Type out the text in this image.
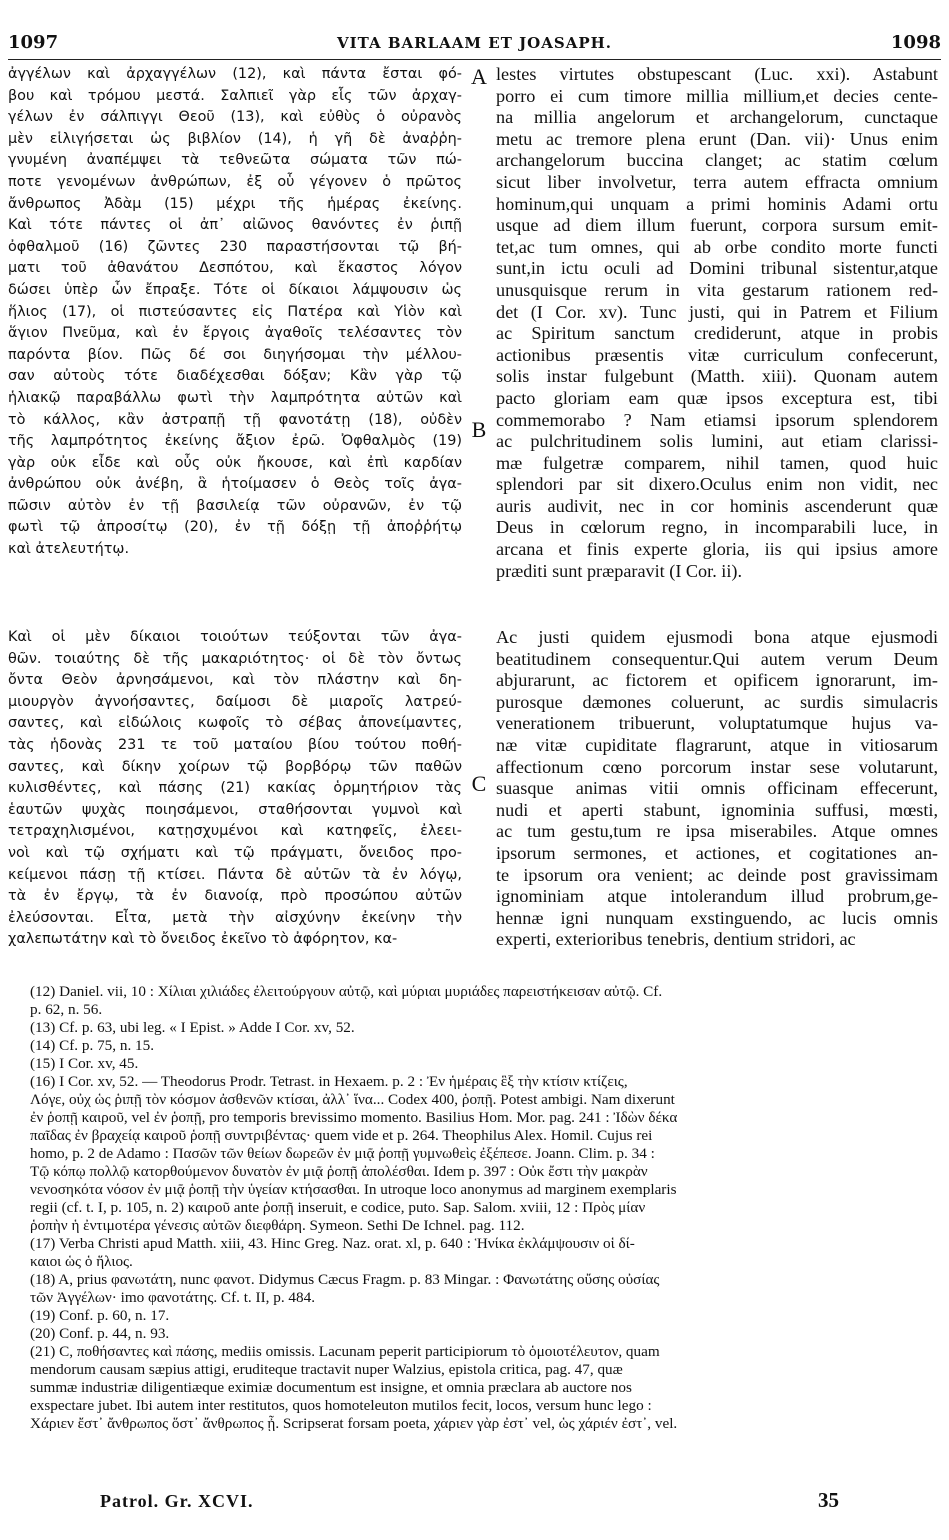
1097	VITA BARLAAM ET JOASAPH.	1098
ἀγγέλων καὶ ἀρχαγγέλων (12), καὶ πάντα ἔσται φό-
βου καὶ τρόμου μεστά. Σαλπιεῖ γὰρ εἷς τῶν ἀρχαγ-
γέλων ἐν σάλπιγγι Θεοῦ (13), καὶ εὐθὺς ὁ οὐρανὸς
μὲν εἱλιγήσεται ὡς βιβλίον (14), ἡ γῆ δὲ ἀναῤῥη-
γνυμένη ἀναπέμψει τὰ τεθνεῶτα σώματα τῶν πώ-
ποτε γενομένων ἀνθρώπων, ἐξ οὗ γέγονεν ὁ πρῶτος
ἄνθρωπος Ἀδὰμ (15) μέχρι τῆς ἡμέρας ἐκείνης.
Καὶ τότε πάντες οἱ ἀπ᾽ αἰῶνος θανόντες ἐν ῥιπῇ
ὀφθαλμοῦ (16) ζῶντες 230 παραστήσονται τῷ βή-
ματι τοῦ ἀθανάτου Δεσπότου, καὶ ἕκαστος λόγον
δώσει ὑπὲρ ὧν ἔπραξε. Τότε οἱ δίκαιοι λάμψουσιν ὡς
ἥλιος (17), οἱ πιστεύσαντες εἰς Πατέρα καὶ Υἱὸν καὶ
ἅγιον Πνεῦμα, καὶ ἐν ἔργοις ἀγαθοῖς τελέσαντες τὸν
παρόντα βίον. Πῶς δέ σοι διηγήσομαι τὴν μέλλου-
σαν αὐτοὺς τότε διαδέχεσθαι δόξαν; Κἂν γὰρ τῷ
ἡλιακῷ παραβάλλω φωτὶ τὴν λαμπρότητα αὐτῶν καὶ
τὸ κάλλος, κἂν ἀστραπῇ τῇ φανοτάτῃ (18), οὐδὲν
τῆς λαμπρότητος ἐκείνης ἄξιον ἐρῶ. Ὀφθαλμὸς (19)
γὰρ οὐκ εἶδε καὶ οὖς οὐκ ἤκουσε, καὶ ἐπὶ καρδίαν
ἀνθρώπου οὐκ ἀνέβη, ἃ ἡτοίμασεν ὁ Θεὸς τοῖς ἀγα-
πῶσιν αὐτὸν ἐν τῇ βασιλείᾳ τῶν οὐρανῶν, ἐν τῷ
φωτὶ τῷ ἀπροσίτῳ (20), ἐν τῇ δόξῃ τῇ ἀποῤῥήτῳ
καὶ ἀτελευτήτῳ.
lestes virtutes obstupescant (Luc. xxi). Astabunt
porro ei cum timore millia millium,et decies cente-
na millia angelorum et archangelorum, cunctaque
metu ac tremore plena erunt (Dan. vii)· Unus enim
archangelorum buccina clanget; ac statim cœlum
sicut liber involvetur, terra autem effracta omnium
hominum,qui unquam a primi hominis Adami ortu
usque ad diem illum fuerunt, corpora sursum emit-
tet,ac tum omnes, qui ab orbe condito morte functi
sunt,in ictu oculi ad Domini tribunal sistentur,atque
unusquisque rerum in vita gestarum rationem red-
det (I Cor. xv). Tunc justi, qui in Patrem et Filium
ac Spiritum sanctum crediderunt, atque in probis
actionibus præsentis vitæ curriculum confecerunt,
solis instar fulgebunt (Matth. xiii). Quonam autem
pacto gloriam eam quæ ipsos exceptura est, tibi
commemorabo ? Nam etiamsi ipsorum splendorem
ac pulchritudinem solis lumini, aut etiam clarissi-
mæ fulgetræ comparem, nihil tamen, quod huic
splendori par sit dixero.Oculus enim non vidit, nec
auris audivit, nec in cor hominis ascenderunt quæ
Deus in cœlorum regno, in incomparabili luce, in
arcana et finis experte gloria, iis qui ipsius amore
præditi sunt præparavit (I Cor. ii).
Καὶ οἱ μὲν δίκαιοι τοιούτων τεύξονται τῶν ἀγα-
θῶν. τοιαύτης δὲ τῆς μακαριότητος· οἱ δὲ τὸν ὄντως
ὄντα Θεὸν ἀρνησάμενοι, καὶ τὸν πλάστην καὶ δη-
μιουργὸν ἀγνοήσαντες, δαίμοσι δὲ μιαροῖς λατρεύ-
σαντες, καὶ εἰδώλοις κωφοῖς τὸ σέβας ἀπονείμαντες,
τὰς ἡδονὰς 231 τε τοῦ ματαίου βίου τούτου ποθή-
σαντες, καὶ δίκην χοίρων τῷ βορβόρῳ τῶν παθῶν
κυλισθέντες, καὶ πάσης (21) κακίας ὁρμητήριον τὰς
ἑαυτῶν ψυχὰς ποιησάμενοι, σταθήσονται γυμνοὶ καὶ
τετραχηλισμένοι, κατῃσχυμένοι καὶ κατηφεῖς, ἐλεει-
νοὶ καὶ τῷ σχήματι καὶ τῷ πράγματι, ὄνειδος προ-
κείμενοι πάσῃ τῇ κτίσει. Πάντα δὲ αὐτῶν τὰ ἐν λόγῳ,
τὰ ἐν ἔργῳ, τὰ ἐν διανοίᾳ, πρὸ προσώπου αὐτῶν
ἐλεύσονται. Εἶτα, μετὰ τὴν αἰσχύνην ἐκείνην τὴν
χαλεπωτάτην καὶ τὸ ὄνειδος ἐκεῖνο τὸ ἀφόρητον, κα-
Ac justi quidem ejusmodi bona atque ejusmodi
beatitudinem consequentur.Qui autem verum Deum
abjurarunt, ac fictorem et opificem ignorarunt, im-
purosque dæmones coluerunt, ac surdis simulacris
venerationem tribuerunt, voluptatumque hujus va-
næ vitæ cupiditate flagrarunt, atque in vitiosarum
affectionum cœno porcorum instar sese volutarunt,
suasque animas vitii omnis officinam effecerunt,
nudi et aperti stabunt, ignominia suffusi, mœsti,
ac tum gestu,tum re ipsa miserabiles. Atque omnes
ipsorum sermones, et actiones, et cogitationes an-
te ipsorum ora venient; ac deinde post gravissimam
ignominiam atque intolerandum illud probrum,ge-
hennæ igni nunquam exstinguendo, ac lucis omnis
experti, exterioribus tenebris, dentium stridori, ac
A
B
C
(12) Daniel. vii, 10 : Χίλιαι χιλιάδες ἐλειτούργουν αὐτῷ, καὶ μύριαι μυριάδες παρειστήκεισαν αὐτῷ. Cf.
p. 62, n. 56.
(13) Cf. p. 63, ubi leg. « I Epist. » Adde I Cor. xv, 52.
(14) Cf. p. 75, n. 15.
(15) I Cor. xv, 45.
(16) I Cor. xv, 52. — Theodorus Prodr. Tetrast. in Hexaem. p. 2 : Ἐν ἡμέραις ἓξ τὴν κτίσιν κτίζεις,
Λόγε, οὐχ ὡς ῥιπῇ τὸν κόσμον ἀσθενῶν κτίσαι, ἀλλ᾽ ἵνα... Codex 400, ῥοπῇ. Potest ambigi. Nam dixerunt
ἐν ῥοπῇ καιροῦ, vel ἐν ῥοπῇ, pro temporis brevissimo momento. Basilius Hom. Mor. pag. 241 : Ἰδὼν δέκα
παῖδας ἐν βραχείᾳ καιροῦ ῥοπῇ συντριβέντας· quem vide et p. 264. Theophilus Alex. Homil. Cujus rei
homo, p. 2 de Adamo : Πασῶν τῶν θείων δωρεῶν ἐν μιᾷ ῥοπῇ γυμνωθεὶς ἐξέπεσε. Joann. Clim. p. 34 :
Τῷ κόπῳ πολλῷ κατορθούμενον δυνατὸν ἐν μιᾷ ῥοπῇ ἀπολέσθαι. Idem p. 397 : Οὐκ ἔστι τὴν μακρὰν
νενοσηκότα νόσον ἐν μιᾷ ῥοπῇ τὴν ὑγείαν κτήσασθαι. In utroque loco anonymus ad marginem exemplaris
regii (cf. t. I, p. 105, n. 2) καιροῦ ante ῥοπῇ inseruit, e codice, puto. Sap. Salom. xviii, 12 : Πρὸς μίαν
ῥοπὴν ἡ ἐντιμοτέρα γένεσις αὐτῶν διεφθάρη. Symeon. Sethi De Ichnel. pag. 112.
(17) Verba Christi apud Matth. xiii, 43. Hinc Greg. Naz. orat. xl, p. 640 : Ἡνίκα ἐκλάμψουσιν οἱ δί-
καιοι ὡς ὁ ἥλιος.
(18) A, prius φανωτάτη, nunc φανοτ. Didymus Cæcus Fragm. p. 83 Mingar. : Φανωτάτης οὔσης οὐσίας
τῶν Ἀγγέλων· imo φανοτάτης. Cf. t. II, p. 484.
(19) Conf. p. 60, n. 17.
(20) Conf. p. 44, n. 93.
(21) C, ποθήσαντες καὶ πάσης, mediis omissis. Lacunam peperit participiorum τὸ ὁμοιοτέλευτον, quam
mendorum causam sæpius attigi, eruditeque tractavit nuper Walzius, epistola critica, pag. 47, quæ
summæ industriæ diligentiæque eximiæ documentum est insigne, et omnia præclara ab auctore nos
exspectare jubet. Ibi autem inter restitutos, quos homoteleuton mutilos fecit, locos, versum hunc lego :
Χάριεν ἔστ᾽ ἄνθρωπος ὅστ᾽ ἄνθρωπος ᾖ. Scripserat forsam poeta, χάριεν γὰρ ἐστ᾽ vel, ὡς χάριέν ἐστ᾽, vel.
Patrol. Gr. XCVI.	35
